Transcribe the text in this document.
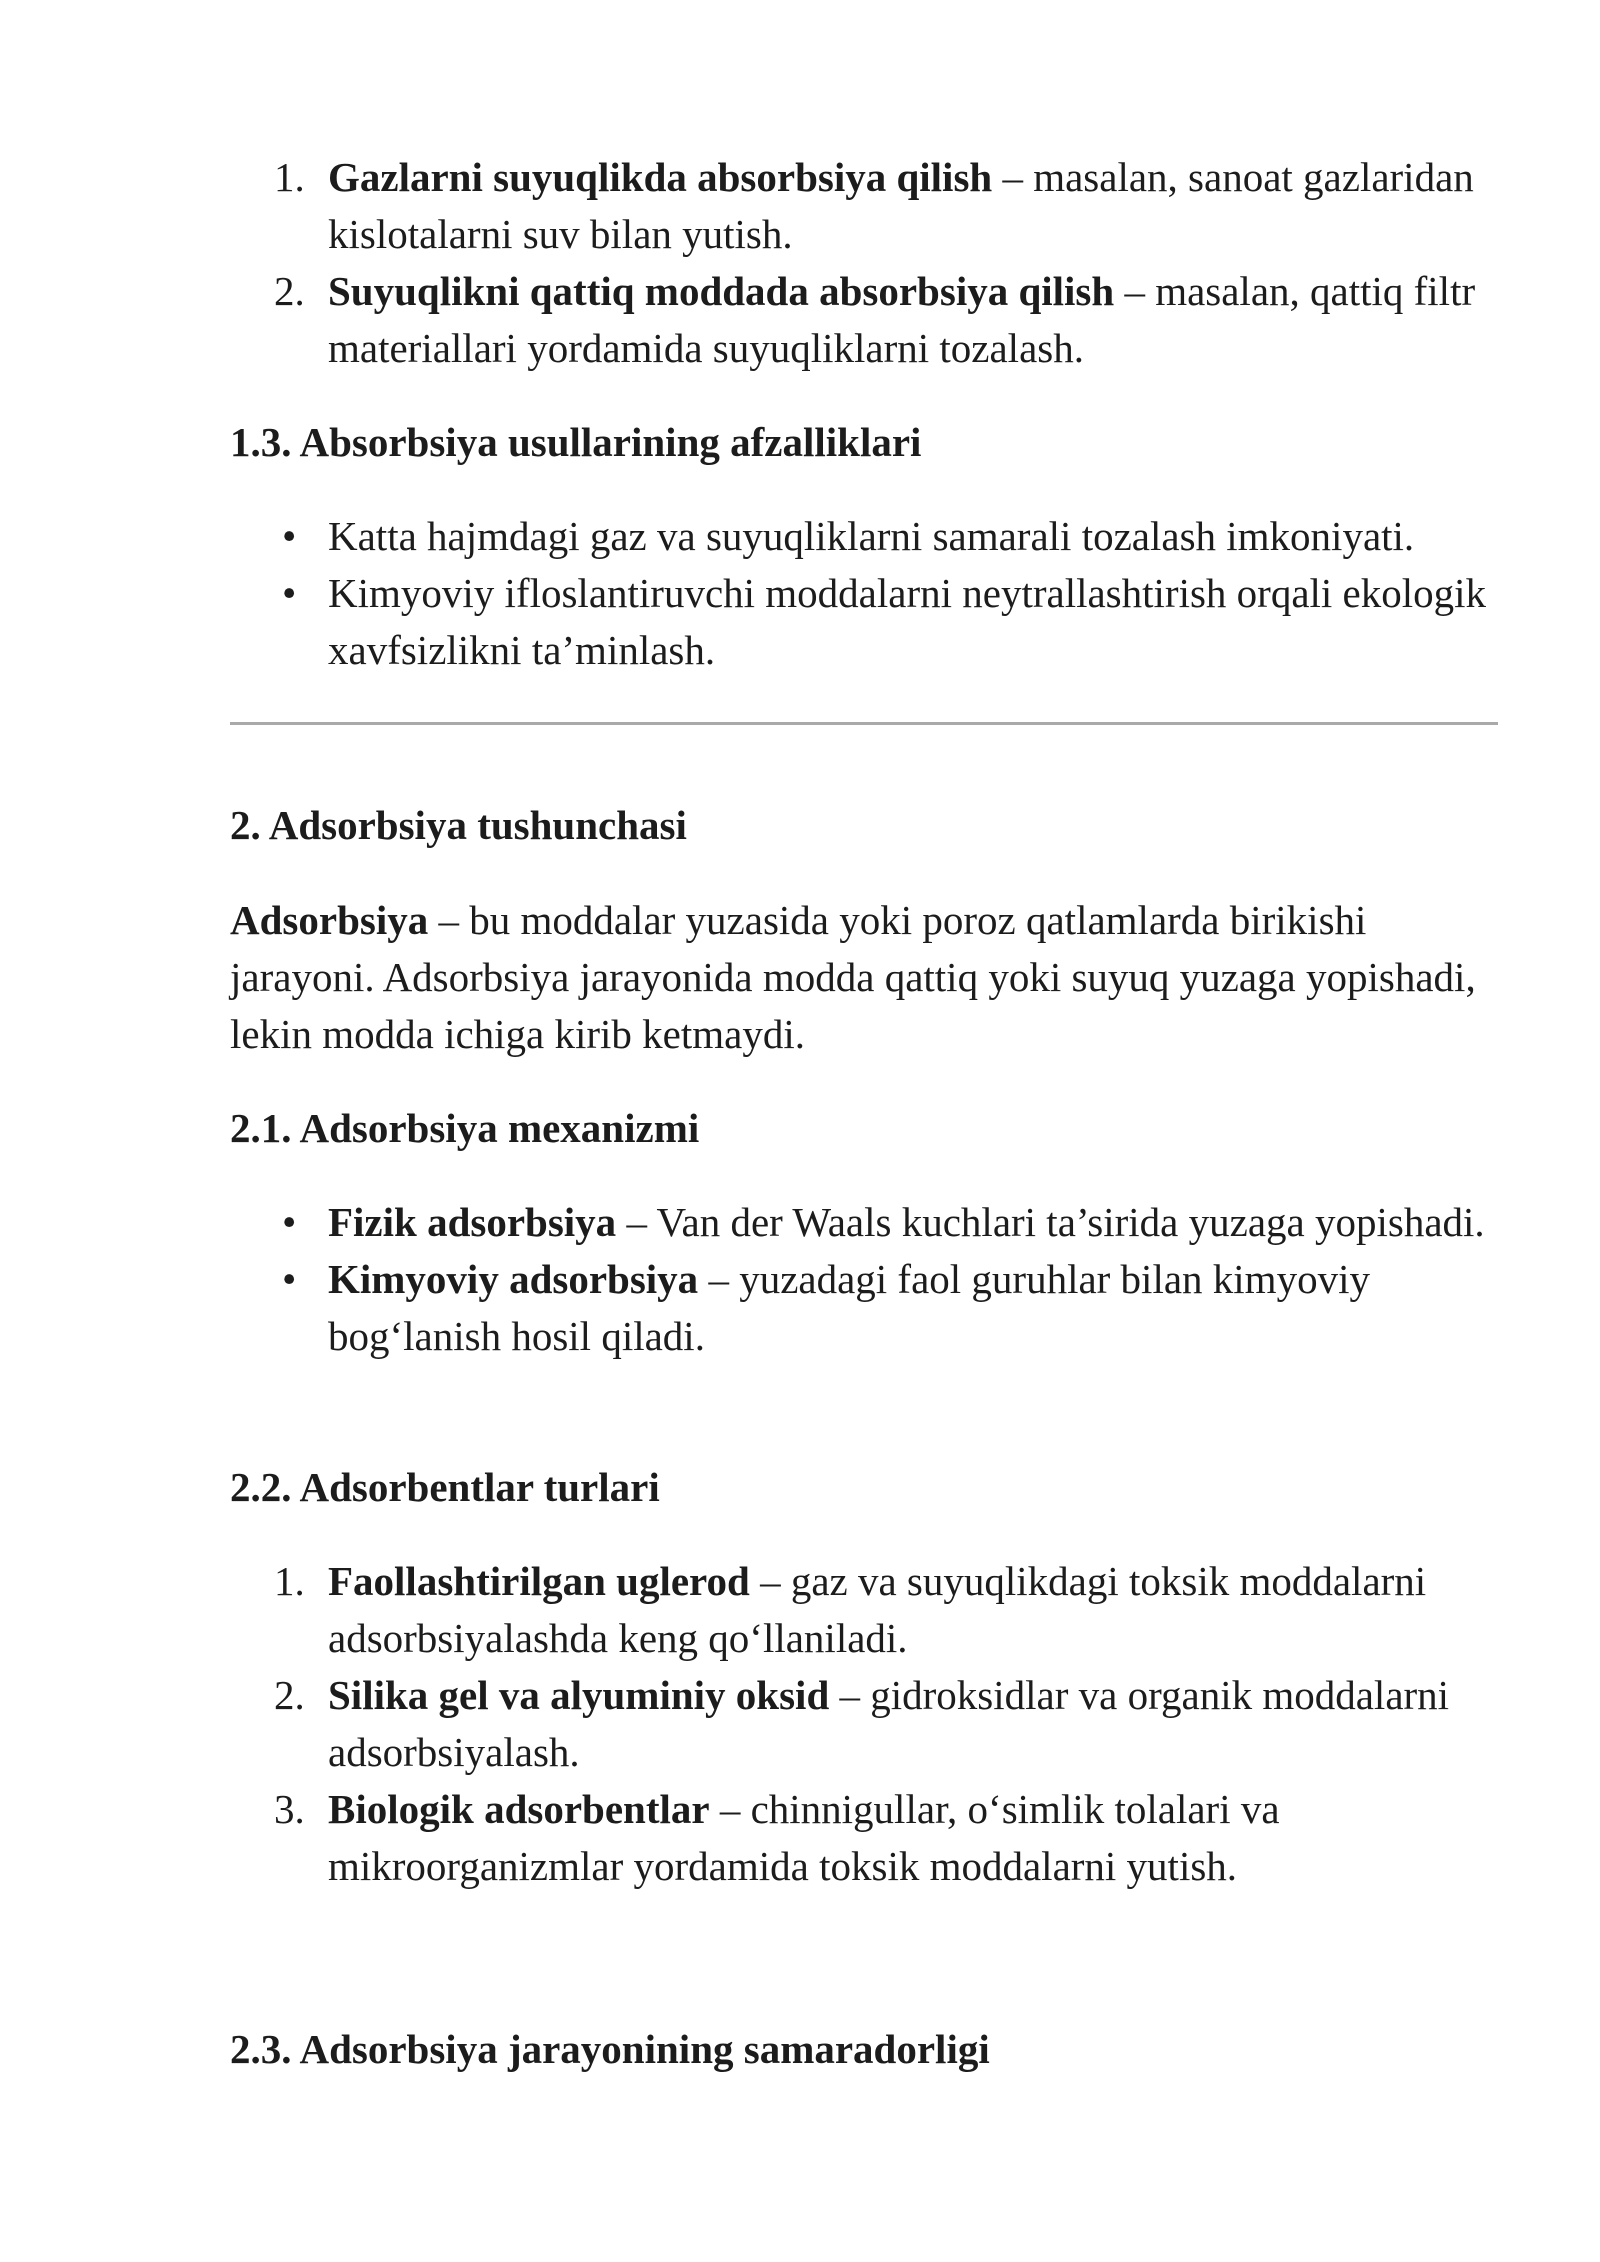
1. Gazlarni suyuqlikda absorbsiya qilish – masalan, sanoat gazlaridan kislotalarni suv bilan yutish.
2. Suyuqlikni qattiq moddada absorbsiya qilish – masalan, qattiq filtr materiallari yordamida suyuqliklarni tozalash.
1.3. Absorbsiya usullarining afzalliklari
• Katta hajmdagi gaz va suyuqliklarni samarali tozalash imkoniyati.
• Kimyoviy ifloslantiruvchi moddalarni neytrallashtirish orqali ekologik xavfsizlikni ta’minlash.
2. Adsorbsiya tushunchasi

Adsorbsiya – bu moddalar yuzasida yoki poroz qatlamlarda birikishi jarayoni. Adsorbsiya jarayonida modda qattiq yoki suyuq yuzaga yopishadi, lekin modda ichiga kirib ketmaydi.

2.1. Adsorbsiya mexanizmi
• Fizik adsorbsiya – Van der Waals kuchlari ta’sirida yuzaga yopishadi.
• Kimyoviy adsorbsiya – yuzadagi faol guruhlar bilan kimyoviy bog‘lanish hosil qiladi.
2.2. Adsorbentlar turlari
1. Faollashtirilgan uglerod – gaz va suyuqlikdagi toksik moddalarni adsorbsiyalashda keng qo‘llaniladi.
2. Silika gel va alyuminiy oksid – gidroksidlar va organik moddalarni adsorbsiyalash.
3. Biologik adsorbentlar – chinnigullar, o‘simlik tolalari va mikroorganizmlar yordamida toksik moddalarni yutish.
2.3. Adsorbsiya jarayonining samaradorligi
